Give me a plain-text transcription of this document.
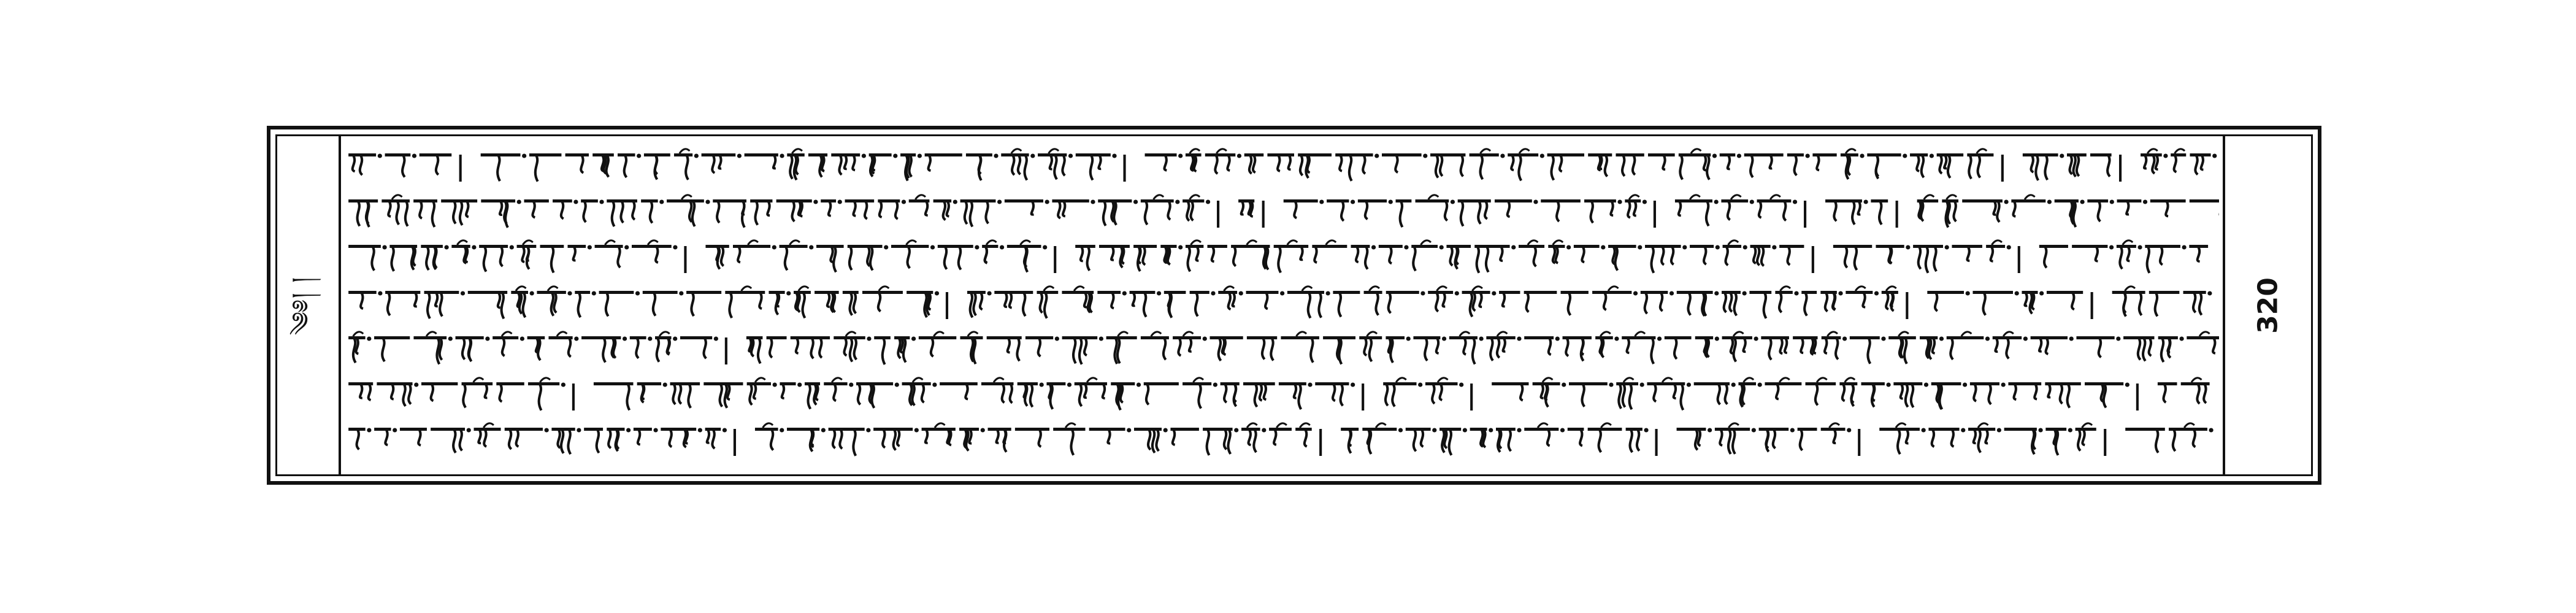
༄༅། །	320
